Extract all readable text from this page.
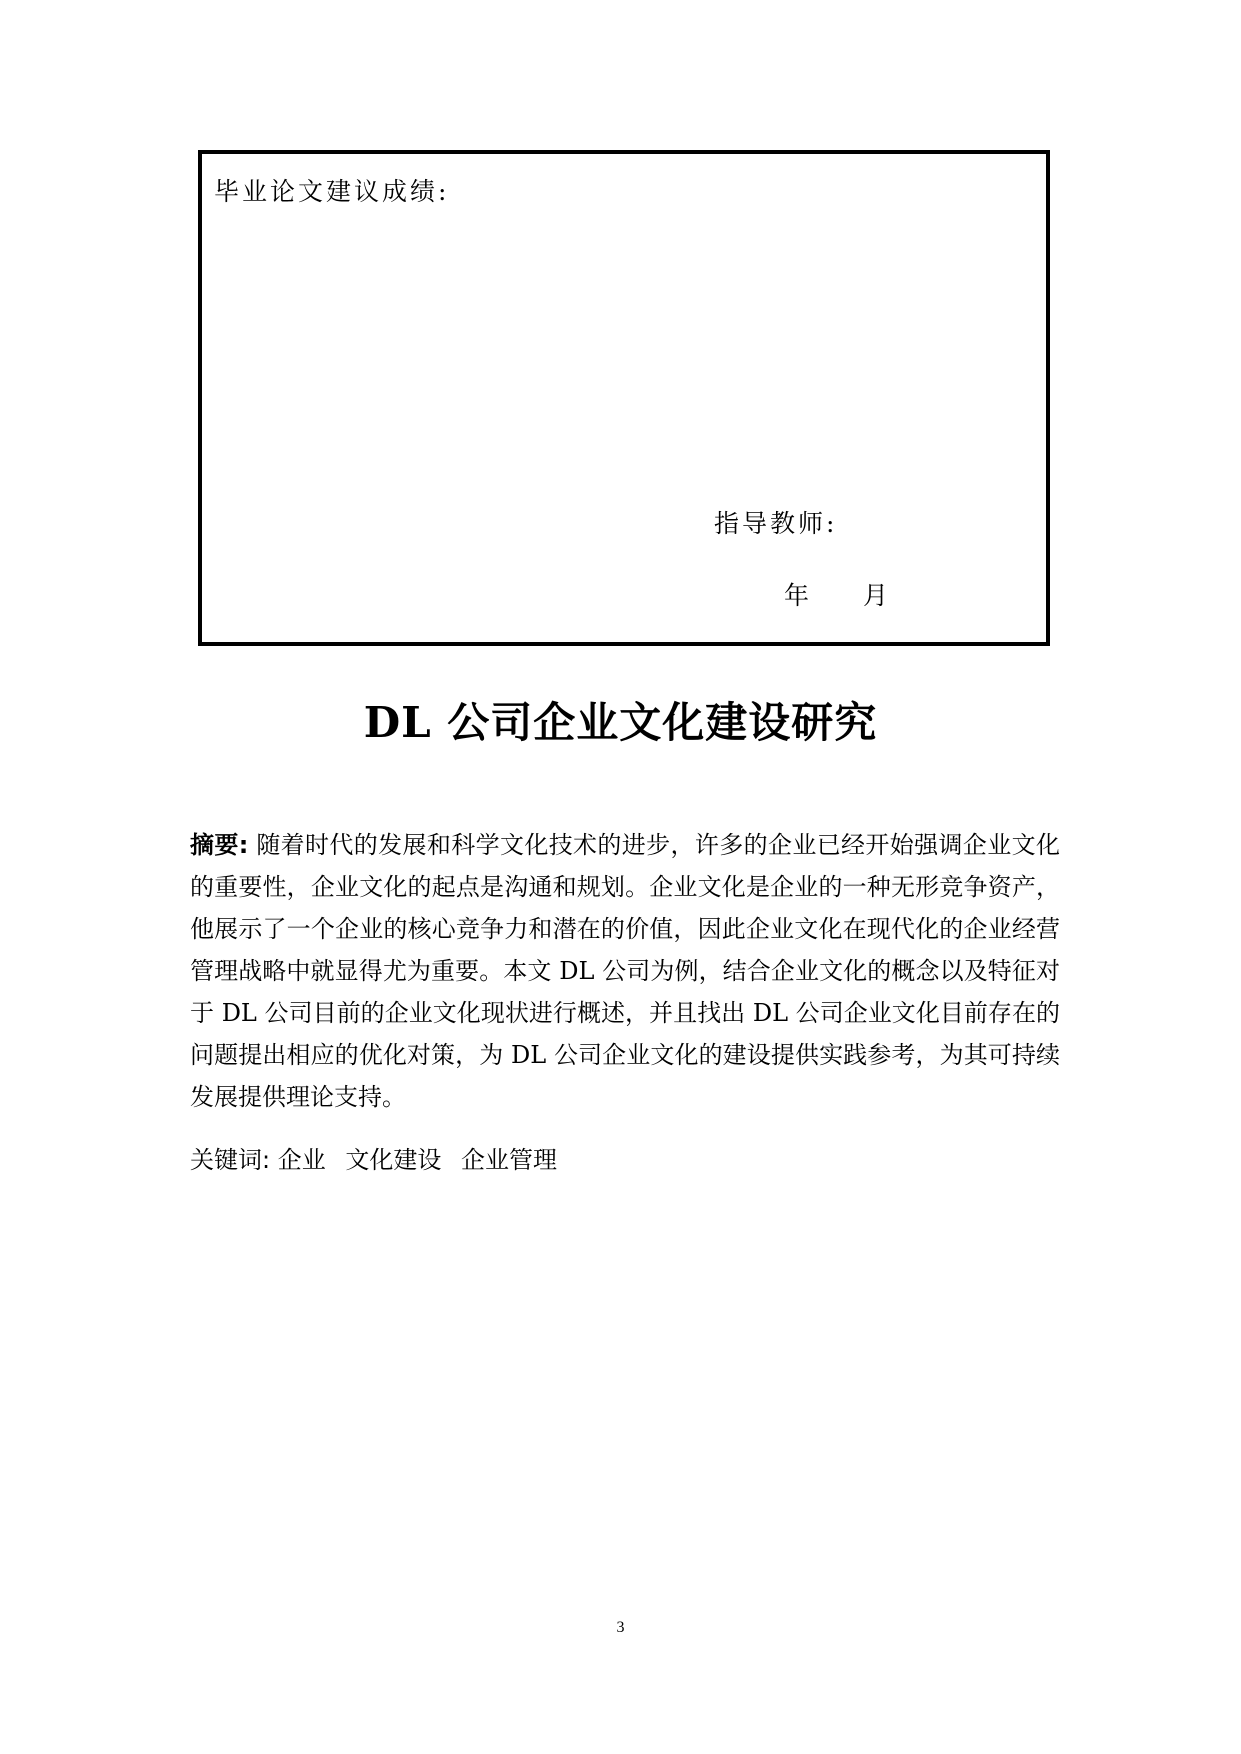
毕业论文建议成绩:
指导教师:
年 月
DL 公司企业文化建设研究

摘要: 随着时代的发展和科学文化技术的进步，许多的企业已经开始强调企业文化的重要性，企业文化的起点是沟通和规划。企业文化是企业的一种无形竞争资产，他展示了一个企业的核心竞争力和潜在的价值，因此企业文化在现代化的企业经营管理战略中就显得尤为重要。本文 DL 公司为例，结合企业文化的概念以及特征对于 DL 公司目前的企业文化现状进行概述，并且找出 DL 公司企业文化目前存在的问题提出相应的优化对策，为 DL 公司企业文化的建设提供实践参考，为其可持续发展提供理论支持。

关键词: 企业 文化建设 企业管理
3
